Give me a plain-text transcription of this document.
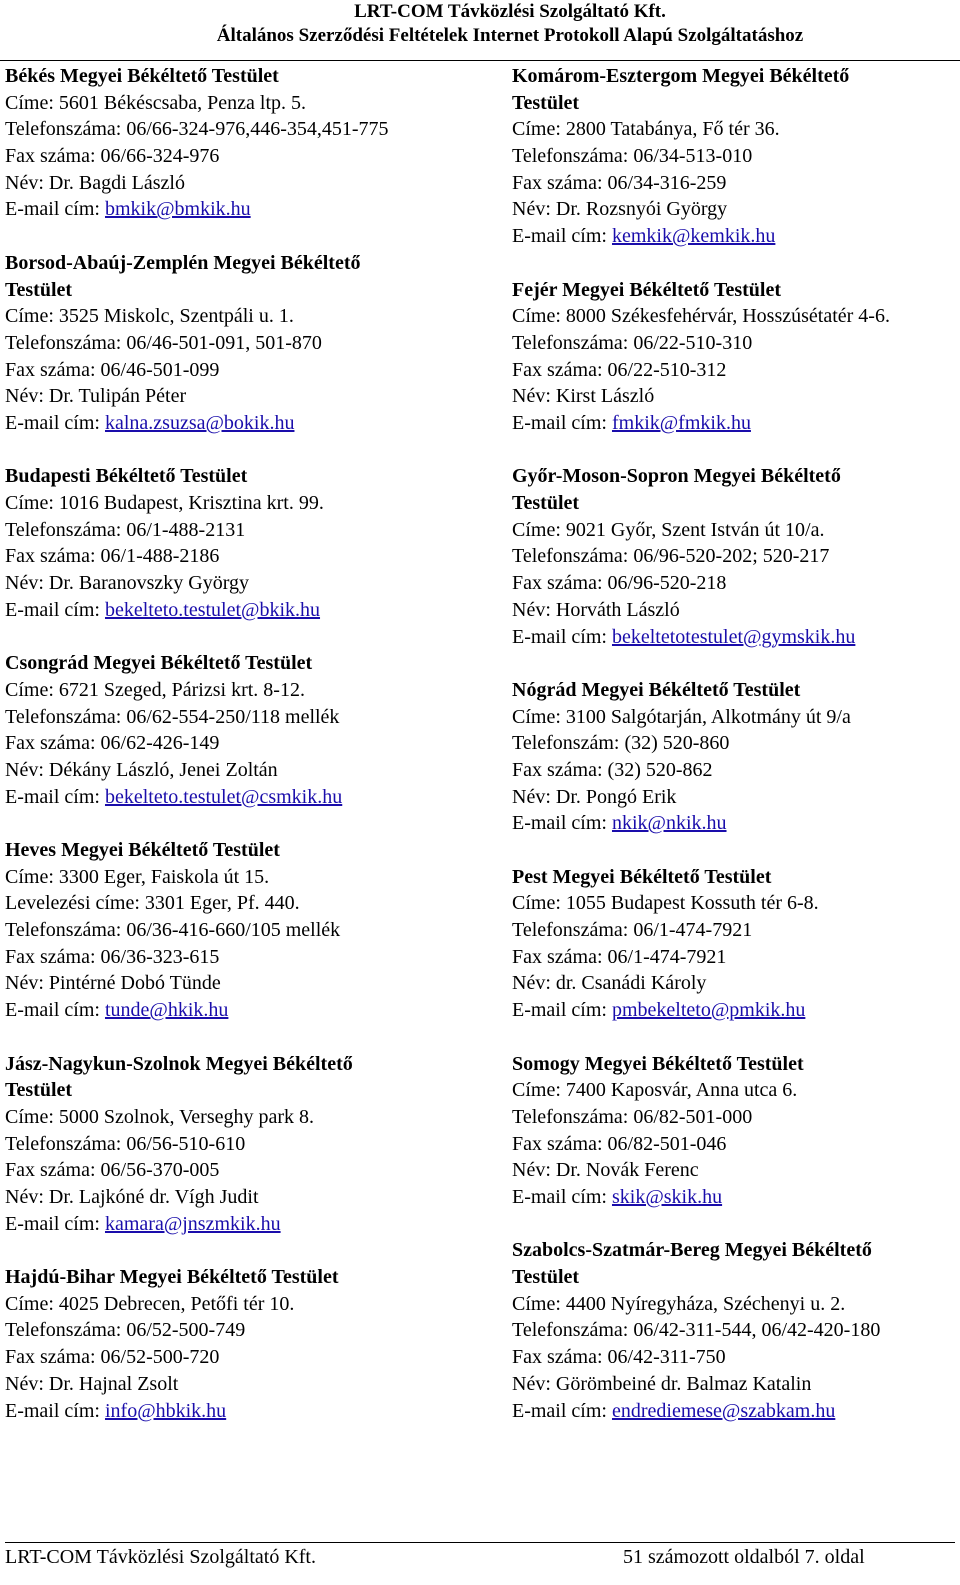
LRT-COM Távközlési Szolgáltató Kft.
Általános Szerződési Feltételek Internet Protokoll Alapú Szolgáltatáshoz
Békés Megyei Békéltető Testület
Címe: 5601 Békéscsaba, Penza ltp. 5.
Telefonszáma: 06/66-324-976,446-354,451-775
Fax száma: 06/66-324-976
Név: Dr. Bagdi László
E-mail cím: bmkik@bmkik.hu
Borsod-Abaúj-Zemplén Megyei Békéltető
Testület
Címe: 3525 Miskolc, Szentpáli u. 1.
Telefonszáma: 06/46-501-091, 501-870
Fax száma: 06/46-501-099
Név: Dr. Tulipán Péter
E-mail cím: kalna.zsuzsa@bokik.hu
Budapesti Békéltető Testület
Címe: 1016 Budapest, Krisztina krt. 99.
Telefonszáma: 06/1-488-2131
Fax száma: 06/1-488-2186
Név: Dr. Baranovszky György
E-mail cím: bekelteto.testulet@bkik.hu
Csongrád Megyei Békéltető Testület
Címe: 6721 Szeged, Párizsi krt. 8-12.
Telefonszáma: 06/62-554-250/118 mellék
Fax száma: 06/62-426-149
Név: Dékány László, Jenei Zoltán
E-mail cím: bekelteto.testulet@csmkik.hu
Heves Megyei Békéltető Testület
Címe: 3300 Eger, Faiskola út 15.
Levelezési címe: 3301 Eger, Pf. 440.
Telefonszáma: 06/36-416-660/105 mellék
Fax száma: 06/36-323-615
Név: Pintérné Dobó Tünde
E-mail cím: tunde@hkik.hu
Jász-Nagykun-Szolnok Megyei Békéltető
Testület
Címe: 5000 Szolnok, Verseghy park 8.
Telefonszáma: 06/56-510-610
Fax száma: 06/56-370-005
Név: Dr. Lajkóné dr. Vígh Judit
E-mail cím: kamara@jnszmkik.hu
Hajdú-Bihar Megyei Békéltető Testület
Címe: 4025 Debrecen, Petőfi tér 10.
Telefonszáma: 06/52-500-749
Fax száma: 06/52-500-720
Név: Dr. Hajnal Zsolt
E-mail cím: info@hbkik.hu
Komárom-Esztergom Megyei Békéltető
Testület
Címe: 2800 Tatabánya, Fő tér 36.
Telefonszáma: 06/34-513-010
Fax száma: 06/34-316-259
Név: Dr. Rozsnyói György
E-mail cím: kemkik@kemkik.hu
Fejér Megyei Békéltető Testület
Címe: 8000 Székesfehérvár, Hosszúsétatér 4-6.
Telefonszáma: 06/22-510-310
Fax száma: 06/22-510-312
Név: Kirst László
E-mail cím: fmkik@fmkik.hu
Győr-Moson-Sopron Megyei Békéltető
Testület
Címe: 9021 Győr, Szent István út 10/a.
Telefonszáma: 06/96-520-202; 520-217
Fax száma: 06/96-520-218
Név: Horváth László
E-mail cím: bekeltetotestulet@gymskik.hu
Nógrád Megyei Békéltető Testület
Címe: 3100 Salgótarján, Alkotmány út 9/a
Telefonszám: (32) 520-860
Fax száma: (32) 520-862
Név: Dr. Pongó Erik
E-mail cím: nkik@nkik.hu
Pest Megyei Békéltető Testület
Címe: 1055 Budapest Kossuth tér 6-8.
Telefonszáma: 06/1-474-7921
Fax száma: 06/1-474-7921
Név: dr. Csanádi Károly
E-mail cím: pmbekelteto@pmkik.hu
Somogy Megyei Békéltető Testület
Címe: 7400 Kaposvár, Anna utca 6.
Telefonszáma: 06/82-501-000
Fax száma: 06/82-501-046
Név: Dr. Novák Ferenc
E-mail cím: skik@skik.hu
Szabolcs-Szatmár-Bereg Megyei Békéltető
Testület
Címe: 4400 Nyíregyháza, Széchenyi u. 2.
Telefonszáma: 06/42-311-544, 06/42-420-180
Fax száma: 06/42-311-750
Név: Görömbeiné dr. Balmaz Katalin
E-mail cím: endrediemese@szabkam.hu
LRT-COM Távközlési Szolgáltató Kft.	51 számozott oldalból 7. oldal
